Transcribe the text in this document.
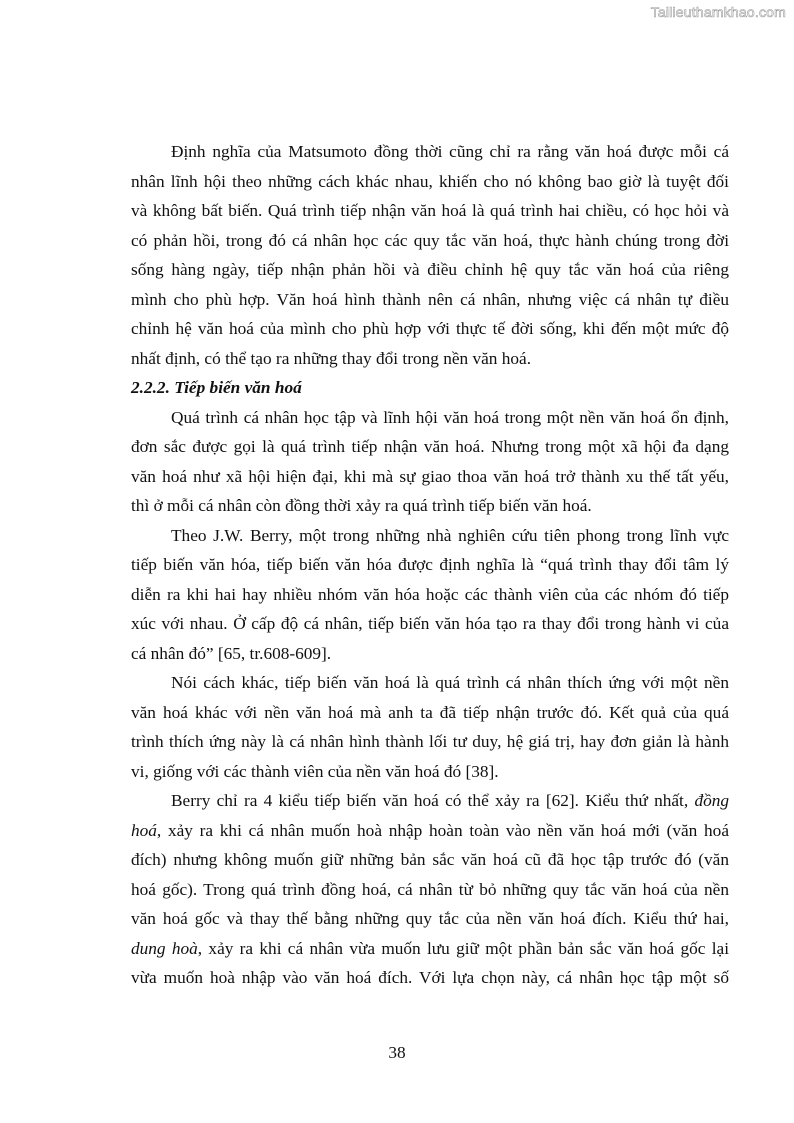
Tailieuthamkhao.com
Định nghĩa của Matsumoto đồng thời cũng chỉ ra rằng văn hoá được mỗi cá
nhân lĩnh hội theo những cách khác nhau, khiến cho nó không bao giờ là tuyệt đối
và không bất biến. Quá trình tiếp nhận văn hoá là quá trình hai chiều, có học hỏi và
có phản hồi, trong đó cá nhân học các quy tắc văn hoá, thực hành chúng trong đời
sống hàng ngày, tiếp nhận phản hồi và điều chỉnh hệ quy tắc văn hoá của riêng
mình cho phù hợp. Văn hoá hình thành nên cá nhân, nhưng việc cá nhân tự điều
chỉnh hệ văn hoá của mình cho phù hợp với thực tế đời sống, khi đến một mức độ
nhất định, có thể tạo ra những thay đổi trong nền văn hoá.
2.2.2. Tiếp biến văn hoá
Quá trình cá nhân học tập và lĩnh hội văn hoá trong một nền văn hoá ổn định,
đơn sắc được gọi là quá trình tiếp nhận văn hoá. Nhưng trong một xã hội đa dạng
văn hoá như xã hội hiện đại, khi mà sự giao thoa văn hoá trở thành xu thế tất yếu,
thì ở mỗi cá nhân còn đồng thời xảy ra quá trình tiếp biến văn hoá.
Theo J.W. Berry, một trong những nhà nghiên cứu tiên phong trong lĩnh vực
tiếp biến văn hóa, tiếp biến văn hóa được định nghĩa là “quá trình thay đổi tâm lý
diễn ra khi hai hay nhiều nhóm văn hóa hoặc các thành viên của các nhóm đó tiếp
xúc với nhau. Ở cấp độ cá nhân, tiếp biến văn hóa tạo ra thay đổi trong hành vi của
cá nhân đó” [65, tr.608-609].
Nói cách khác, tiếp biến văn hoá là quá trình cá nhân thích ứng với một nền
văn hoá khác với nền văn hoá mà anh ta đã tiếp nhận trước đó. Kết quả của quá
trình thích ứng này là cá nhân hình thành lối tư duy, hệ giá trị, hay đơn giản là hành
vi, giống với các thành viên của nền văn hoá đó [38].
Berry chỉ ra 4 kiểu tiếp biến văn hoá có thể xảy ra [62]. Kiểu thứ nhất, đồng
hoá, xảy ra khi cá nhân muốn hoà nhập hoàn toàn vào nền văn hoá mới (văn hoá
đích) nhưng không muốn giữ những bản sắc văn hoá cũ đã học tập trước đó (văn
hoá gốc). Trong quá trình đồng hoá, cá nhân từ bỏ những quy tắc văn hoá của nền
văn hoá gốc và thay thế bằng những quy tắc của nền văn hoá đích. Kiểu thứ hai,
dung hoà, xảy ra khi cá nhân vừa muốn lưu giữ một phần bản sắc văn hoá gốc lại
vừa muốn hoà nhập vào văn hoá đích. Với lựa chọn này, cá nhân học tập một số
38
